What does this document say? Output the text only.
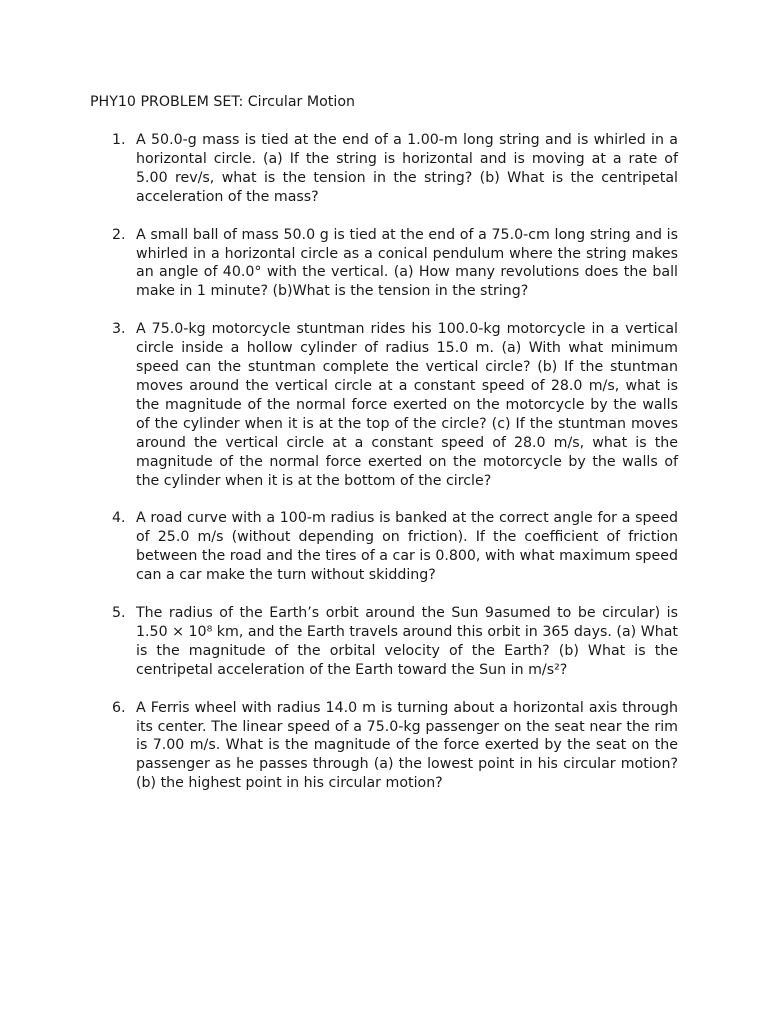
PHY10 PROBLEM SET: Circular Motion
1. A 50.0-g mass is tied at the end of a 1.00-m long string and is whirled in a horizontal circle. (a) If the string is horizontal and is moving at a rate of 5.00 rev/s, what is the tension in the string? (b) What is the centripetal acceleration of the mass?
2. A small ball of mass 50.0 g is tied at the end of a 75.0-cm long string and is whirled in a horizontal circle as a conical pendulum where the string makes an angle of 40.0° with the vertical. (a) How many revolutions does the ball make in 1 minute? (b)What is the tension in the string?
3. A 75.0-kg motorcycle stuntman rides his 100.0-kg motorcycle in a vertical circle inside a hollow cylinder of radius 15.0 m. (a) With what minimum speed can the stuntman complete the vertical circle? (b) If the stuntman moves around the vertical circle at a constant speed of 28.0 m/s, what is the magnitude of the normal force exerted on the motorcycle by the walls of the cylinder when it is at the top of the circle? (c) If the stuntman moves around the vertical circle at a constant speed of 28.0 m/s, what is the magnitude of the normal force exerted on the motorcycle by the walls of the cylinder when it is at the bottom of the circle?
4. A road curve with a 100-m radius is banked at the correct angle for a speed of 25.0 m/s (without depending on friction). If the coefficient of friction between the road and the tires of a car is 0.800, with what maximum speed can a car make the turn without skidding?
5. The radius of the Earth’s orbit around the Sun 9asumed to be circular) is 1.50 × 10⁸ km, and the Earth travels around this orbit in 365 days. (a) What is the magnitude of the orbital velocity of the Earth? (b) What is the centripetal acceleration of the Earth toward the Sun in m/s²?
6. A Ferris wheel with radius 14.0 m is turning about a horizontal axis through its center. The linear speed of a 75.0-kg passenger on the seat near the rim is 7.00 m/s. What is the magnitude of the force exerted by the seat on the passenger as he passes through (a) the lowest point in his circular motion? (b) the highest point in his circular motion?
